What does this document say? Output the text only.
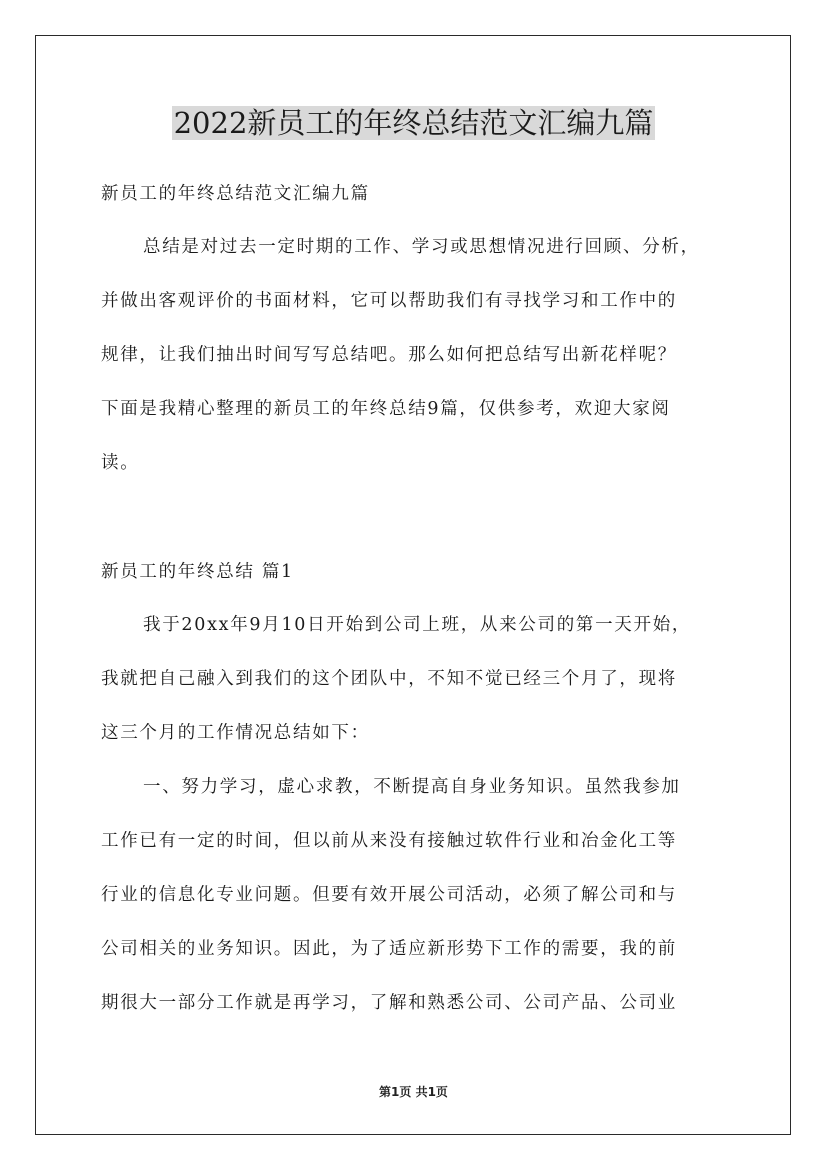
2022新员工的年终总结范文汇编九篇

新员工的年终总结范文汇编九篇

总结是对过去一定时期的工作、学习或思想情况进行回顾、分析，
并做出客观评价的书面材料，它可以帮助我们有寻找学习和工作中的
规律，让我们抽出时间写写总结吧。那么如何把总结写出新花样呢？
下面是我精心整理的新员工的年终总结9篇，仅供参考，欢迎大家阅
读。

新员工的年终总结 篇1

我于20xx年9月10日开始到公司上班，从来公司的第一天开始，
我就把自己融入到我们的这个团队中，不知不觉已经三个月了，现将
这三个月的工作情况总结如下：
一、努力学习，虚心求教，不断提高自身业务知识。虽然我参加
工作已有一定的时间，但以前从来没有接触过软件行业和冶金化工等
行业的信息化专业问题。但要有效开展公司活动，必须了解公司和与
公司相关的业务知识。因此，为了适应新形势下工作的需要，我的前
期很大一部分工作就是再学习，了解和熟悉公司、公司产品、公司业
第1页 共1页
